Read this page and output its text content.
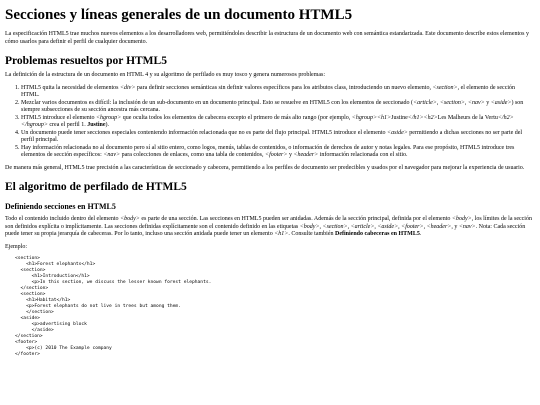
Secciones y líneas generales de un documento HTML5

La especificación HTML5 trae muchos nuevos elementos a los desarrolladores web, permitiéndoles describir la estructura de un documento web con semántica estandarizada. Este documento describe estos elementos y cómo usarlos para definir el perfil de cualquier documento.

Problemas resueltos por HTML5

La definición de la estructura de un documento en HTML 4 y su algoritmo de perfilado es muy tosco y genera numerosos problemas:

1. HTML5 quita la necesidad de elementos <div> para definir secciones semánticas sin definir valores específicos para los atributos class, introduciendo un nuevo elemento, <section>, el elemento de sección HTML.
2. Mezclar varios documentos es difícil: la inclusión de un sub-documento en un documento principal. Esto se resuelve en HTML5 con los elementos de seccionado (<article>, <section>, <nav> y <aside>) son siempre subsecciones de su sección ancestra más cercana.
3. HTML5 introduce el elemento <hgroup> que oculta todos los elementos de cabecera excepto el primero de más alto rango (por ejemplo, <hgroup><h1>Justine</h1><h2>Les Malheurs de la Vertu</h2></hgroup> crea el perfil 1. Justine).
4. Un documento puede tener secciones especiales conteniendo información relacionada que no es parte del flujo principal. HTML5 introduce el elemento <aside> permitiendo a dichas secciones no ser parte del perfil principal.
5. Hay información relacionada no al documento pero sí al sitio entero, como logos, menús, tablas de contenidos, o información de derechos de autor y notas legales. Para ese propósito, HTML5 introduce tres elementos de sección específicos: <nav> para colecciones de enlaces, como una tabla de contenidos, <footer> y <header> información relacionada con el sitio.

De manera más general, HTML5 trae precisión a las características de seccionado y cabecera, permitiendo a los perfiles de documento ser predecibles y usados por el navegador para mejorar la experiencia de usuario.

El algoritmo de perfilado de HTML5
Definiendo secciones en HTML5

Todo el contenido incluido dentro del elemento <body> es parte de una sección. Las secciones en HTML5 pueden ser anidadas. Además de la sección principal, definida por el elemento <body>, los límites de la sección son definidos explícita o implícitamente. Las secciones definidas explícitamente son el contenido definido en las etiquetas <body>, <section>, <article>, <aside>, <footer>, <header>, y <nav>. Nota: Cada sección puede tener su propia jerarquía de cabeceras. Por lo tanto, incluso una sección anidada puede tener un elemento <h1>. Consulte también Definiendo cabeceras en HTML5.

Ejemplo:

<section>
<h1>Forest elephants</h1>
<section>
<h1>Introduction</h1>
<p>In this section, we discuss the lesser known forest elephants.
</section>
<section>
<h1>Habitat</h1>
<p>Forest elephants do not live in trees but among them.
</section>
<aside>
<p>advertising block
</aside>
</section>
<footer>
<p>(c) 2010 The Example company
</footer>
